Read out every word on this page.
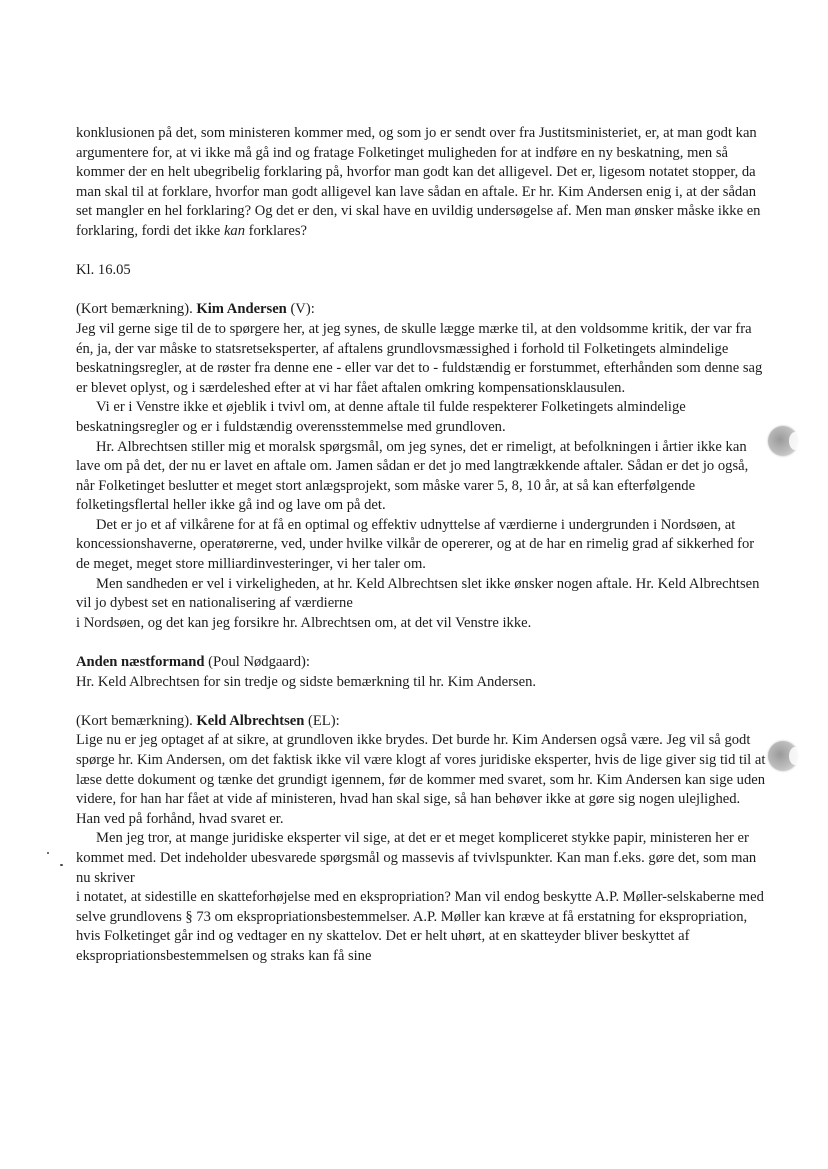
konklusionen på det, som ministeren kommer med, og som jo er sendt over fra Justitsministeriet, er, at man godt kan argumentere for, at vi ikke må gå ind og fratage Folketinget muligheden for at indføre en ny beskatning, men så kommer der en helt ubegribelig forklaring på, hvorfor man godt kan det alligevel. Det er, ligesom notatet stopper, da man skal til at forklare, hvorfor man godt alligevel kan lave sådan en aftale. Er hr. Kim Andersen enig i, at der sådan set mangler en hel forklaring? Og det er den, vi skal have en uvildig undersøgelse af. Men man ønsker måske ikke en forklaring, fordi det ikke kan forklares?

Kl. 16.05

(Kort bemærkning). Kim Andersen (V):

Jeg vil gerne sige til de to spørgere her, at jeg synes, de skulle lægge mærke til, at den voldsomme kritik, der var fra én, ja, der var måske to statsretseksperter, af aftalens grundlovsmæssighed i forhold til Folketingets almindelige beskatningsregler, at de røster fra denne ene - eller var det to - fuldstændig er forstummet, efterhånden som denne sag er blevet oplyst, og i særdeleshed efter at vi har fået aftalen omkring kompensationsklausulen.

Vi er i Venstre ikke et øjeblik i tvivl om, at denne aftale til fulde respekterer Folketingets almindelige beskatningsregler og er i fuldstændig overensstemmelse med grundloven.

Hr. Albrechtsen stiller mig et moralsk spørgsmål, om jeg synes, det er rimeligt, at befolkningen i årtier ikke kan lave om på det, der nu er lavet en aftale om. Jamen sådan er det jo med langtrækkende aftaler. Sådan er det jo også, når Folketinget beslutter et meget stort anlægsprojekt, som måske varer 5, 8, 10 år, at så kan efterfølgende folketingsflertal heller ikke gå ind og lave om på det.

Det er jo et af vilkårene for at få en optimal og effektiv udnyttelse af værdierne i undergrunden i Nordsøen, at koncessionshaverne, operatørerne, ved, under hvilke vilkår de opererer, og at de har en rimelig grad af sikkerhed for de meget, meget store milliardinvesteringer, vi her taler om.

Men sandheden er vel i virkeligheden, at hr. Keld Albrechtsen slet ikke ønsker nogen aftale. Hr. Keld Albrechtsen vil jo dybest set en nationalisering af værdierne

i Nordsøen, og det kan jeg forsikre hr. Albrechtsen om, at det vil Venstre ikke.

Anden næstformand (Poul Nødgaard):

Hr. Keld Albrechtsen for sin tredje og sidste bemærkning til hr. Kim Andersen.

(Kort bemærkning). Keld Albrechtsen (EL):

Lige nu er jeg optaget af at sikre, at grundloven ikke brydes. Det burde hr. Kim Andersen også være. Jeg vil så godt spørge hr. Kim Andersen, om det faktisk ikke vil være klogt af vores juridiske eksperter, hvis de lige giver sig tid til at læse dette dokument og tænke det grundigt igennem, før de kommer med svaret, som hr. Kim Andersen kan sige uden videre, for han har fået at vide af ministeren, hvad han skal sige, så han behøver ikke at gøre sig nogen ulejlighed. Han ved på forhånd, hvad svaret er.

Men jeg tror, at mange juridiske eksperter vil sige, at det er et meget kompliceret stykke papir, ministeren her er kommet med. Det indeholder ubesvarede spørgsmål og massevis af tvivlspunkter. Kan man f.eks. gøre det, som man nu skriver

i notatet, at sidestille en skatteforhøjelse med en ekspropriation? Man vil endog beskytte A.P. Møller-selskaberne med selve grundlovens § 73 om ekspropriationsbestemmelser. A.P. Møller kan kræve at få erstatning for ekspropriation, hvis Folketinget går ind og vedtager en ny skattelov. Det er helt uhørt, at en skatteyder bliver beskyttet af ekspropriationsbestemmelsen og straks kan få sine
